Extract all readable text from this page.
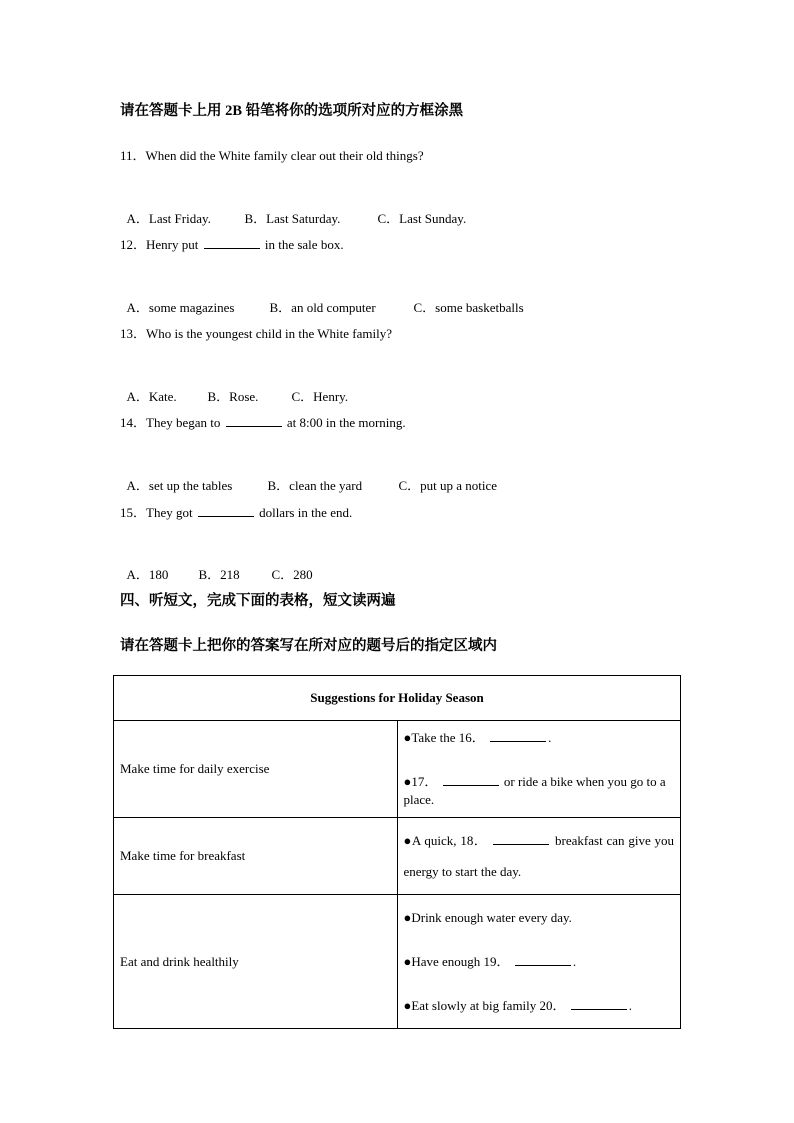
请在答题卡上用 2B 铅笔将你的选项所对应的方框涂黑
11．When did the White family clear out their old things?

A．Last Friday.	B．Last Saturday.	C．Last Sunday.

12．Henry put	in the sale box.

A．some magazines	B．an old computer	C．some basketballs

13．Who is the youngest child in the White family?

A．Kate. B．Rose.	C．Henry.

14．They began to	at 8:00 in the morning.

A．set up the tables	B．clean the yard	C．put up a notice

15．They got	dollars in the end.

A．180 B．218 C．280

四、听短文，完成下面的表格，短文读两遍
请在答题卡上把你的答案写在所对应的题号后的指定区域内
Suggestions for Holiday Season	
Make time for daily exercise	●Take the 16． .
●17． or ride a bike when you go to a place.

Make time for breakfast	●A quick, 18． breakfast can give you energy to start the day.

Eat and drink healthily	●Drink enough water every day.
●Have enough 19． .
●Eat slowly at big family 20． .
